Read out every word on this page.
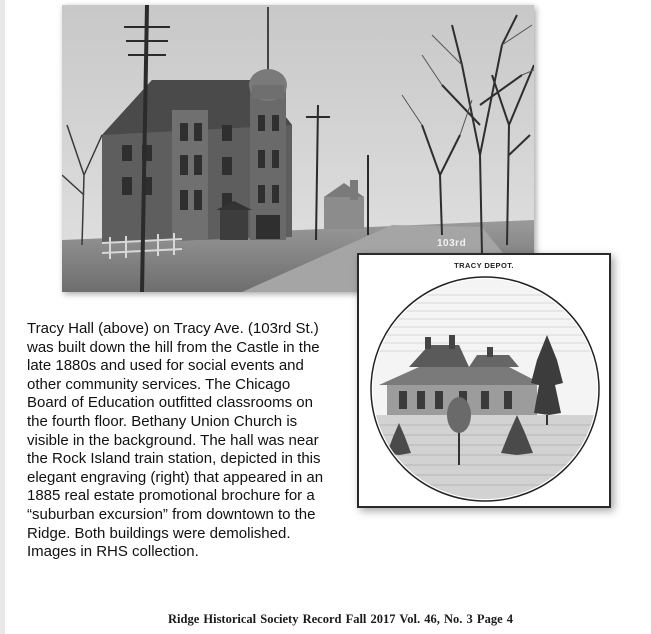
103rd
TRACY DEPOT.
Tracy Hall (above) on Tracy Ave. (103rd St.)
was built down the hill from the Castle in the
late 1880s and used for social events and
other community services. The Chicago
Board of Education outfitted classrooms on
the fourth floor. Bethany Union Church is
visible in the background. The hall was near
the Rock Island train station, depicted in this
elegant engraving (right) that appeared in an
1885 real estate promotional brochure for a
“suburban excursion” from downtown to the
Ridge. Both buildings were demolished.
Images in RHS collection.
Ridge Historical Society Record Fall 2017 Vol. 46, No. 3 Page 4
